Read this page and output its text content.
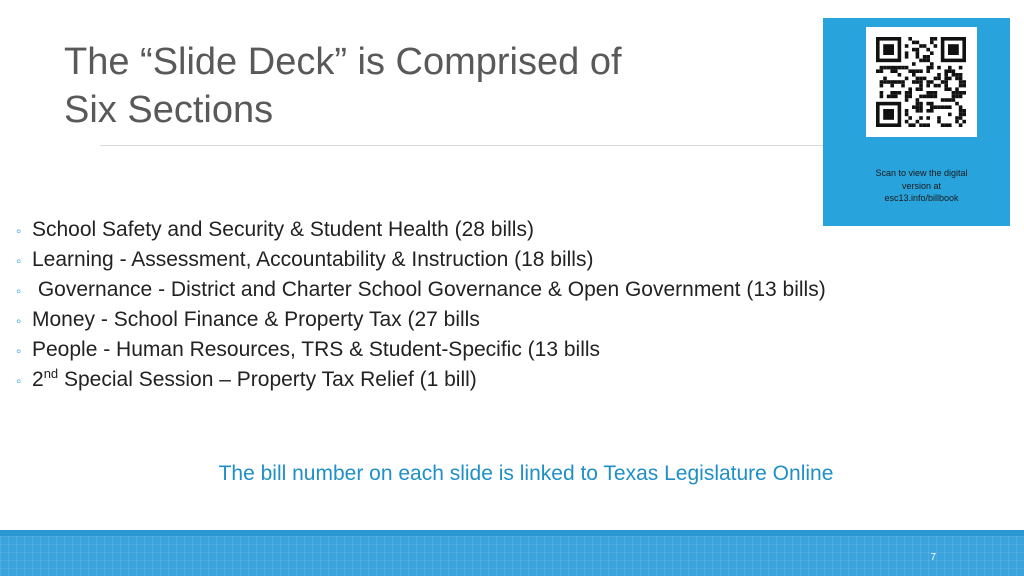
The “Slide Deck” is Comprised of
Six Sections
Scan to view the digital
version at
esc13.info/billbook
◦ School Safety and Security & Student Health (28 bills)
◦ Learning - Assessment, Accountability & Instruction (18 bills)
◦ Governance - District and Charter School Governance & Open Government (13 bills)
◦ Money - School Finance & Property Tax (27 bills
◦ People - Human Resources, TRS & Student-Specific (13 bills
◦ 2nd Special Session – Property Tax Relief (1 bill)
The bill number on each slide is linked to Texas Legislature Online
7
